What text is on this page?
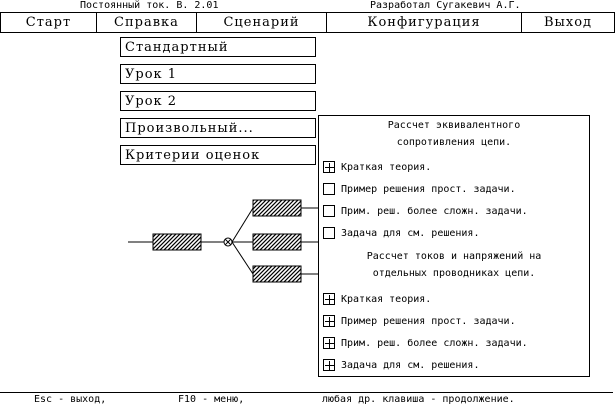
Постоянный ток. В. 2.01	Разработал Сугакевич А.Г.
Старт	Справка	Сценарий	Конфигурация	Выход
Стандартный
Урок 1
Урок 2
Произвольный...
Критерии оценок
Рассчет эквивалентного
сопротивления цепи.
Краткая теория.
Пример решения прост. задачи.
Прим. реш. более сложн. задачи.
Задача для см. решения.
Рассчет токов и напряжений на
отдельных проводниках цепи.
Краткая теория.
Пример решения прост. задачи.
Прим. реш. более сложн. задачи.
Задача для см. решения.
Esc - выход,	F10 - меню,	любая др. клавиша - продолжение.
